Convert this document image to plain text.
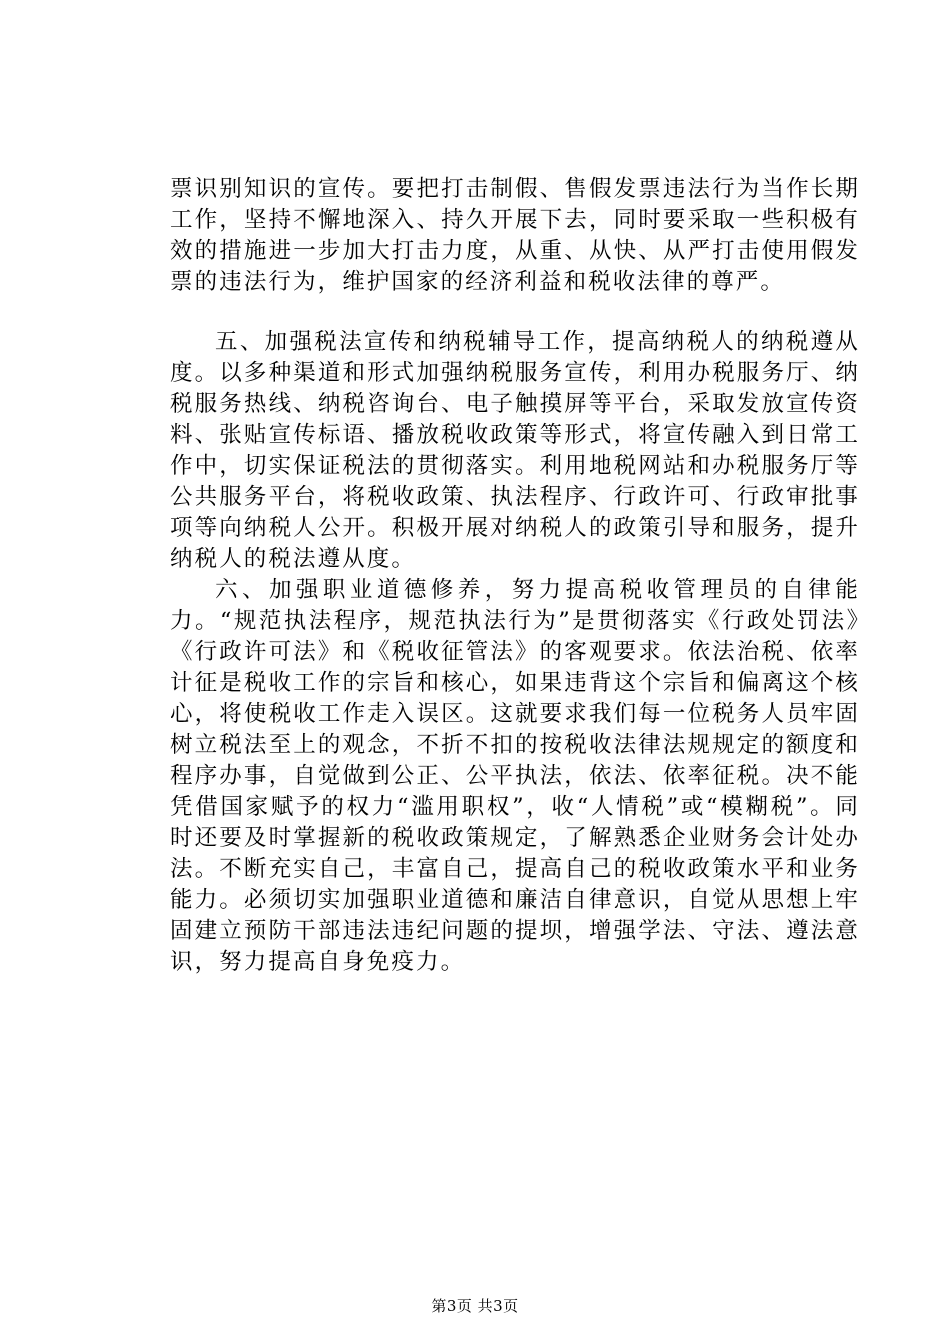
票识别知识的宣传。要把打击制假、售假发票违法行为当作长期工作，坚持不懈地深入、持久开展下去，同时要采取一些积极有效的措施进一步加大打击力度，从重、从快、从严打击使用假发票的违法行为，维护国家的经济利益和税收法律的尊严。

五、加强税法宣传和纳税辅导工作，提高纳税人的纳税遵从度。以多种渠道和形式加强纳税服务宣传，利用办税服务厅、纳税服务热线、纳税咨询台、电子触摸屏等平台，采取发放宣传资料、张贴宣传标语、播放税收政策等形式，将宣传融入到日常工作中，切实保证税法的贯彻落实。利用地税网站和办税服务厅等公共服务平台，将税收政策、执法程序、行政许可、行政审批事项等向纳税人公开。积极开展对纳税人的政策引导和服务，提升纳税人的税法遵从度。

六、加强职业道德修养，努力提高税收管理员的自律能力。“规范执法程序，规范执法行为”是贯彻落实《行政处罚法》《行政许可法》和《税收征管法》的客观要求。依法治税、依率计征是税收工作的宗旨和核心，如果违背这个宗旨和偏离这个核心，将使税收工作走入误区。这就要求我们每一位税务人员牢固树立税法至上的观念，不折不扣的按税收法律法规规定的额度和程序办事，自觉做到公正、公平执法，依法、依率征税。决不能凭借国家赋予的权力“滥用职权”，收“人情税”或“模糊税”。同时还要及时掌握新的税收政策规定，了解熟悉企业财务会计处办法。不断充实自己，丰富自己，提高自己的税收政策水平和业务能力。必须切实加强职业道德和廉洁自律意识，自觉从思想上牢固建立预防干部违法违纪问题的提坝，增强学法、守法、遵法意识，努力提高自身免疫力。

第3页 共3页
